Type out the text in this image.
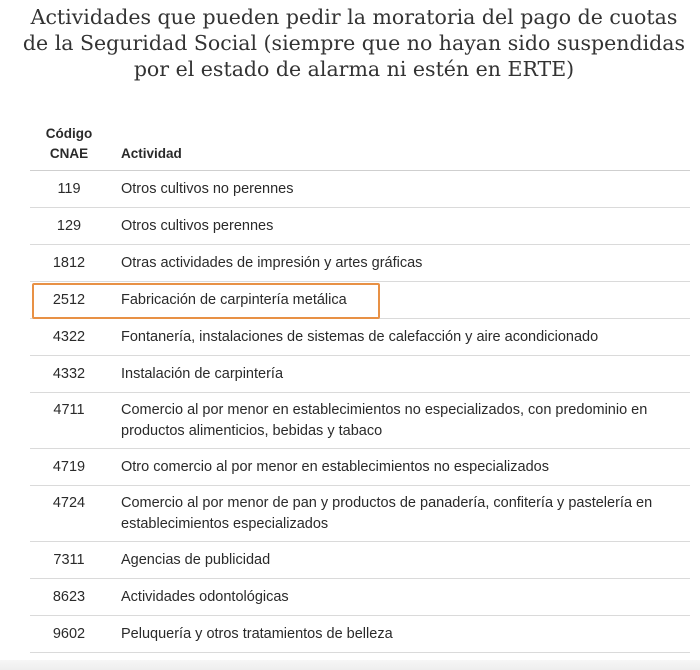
Actividades que pueden pedir la moratoria del pago de cuotas de la Seguridad Social (siempre que no hayan sido suspendidas por el estado de alarma ni estén en ERTE)
Código
CNAE	Actividad
119	Otros cultivos no perennes
129	Otros cultivos perennes
1812	Otras actividades de impresión y artes gráficas
2512	Fabricación de carpintería metálica
4322	Fontanería, instalaciones de sistemas de calefacción y aire acondicionado
4332	Instalación de carpintería
4711	Comercio al por menor en establecimientos no especializados, con predominio en productos alimenticios, bebidas y tabaco
4719	Otro comercio al por menor en establecimientos no especializados
4724	Comercio al por menor de pan y productos de panadería, confitería y pastelería en establecimientos especializados
7311	Agencias de publicidad
8623	Actividades odontológicas
9602	Peluquería y otros tratamientos de belleza
